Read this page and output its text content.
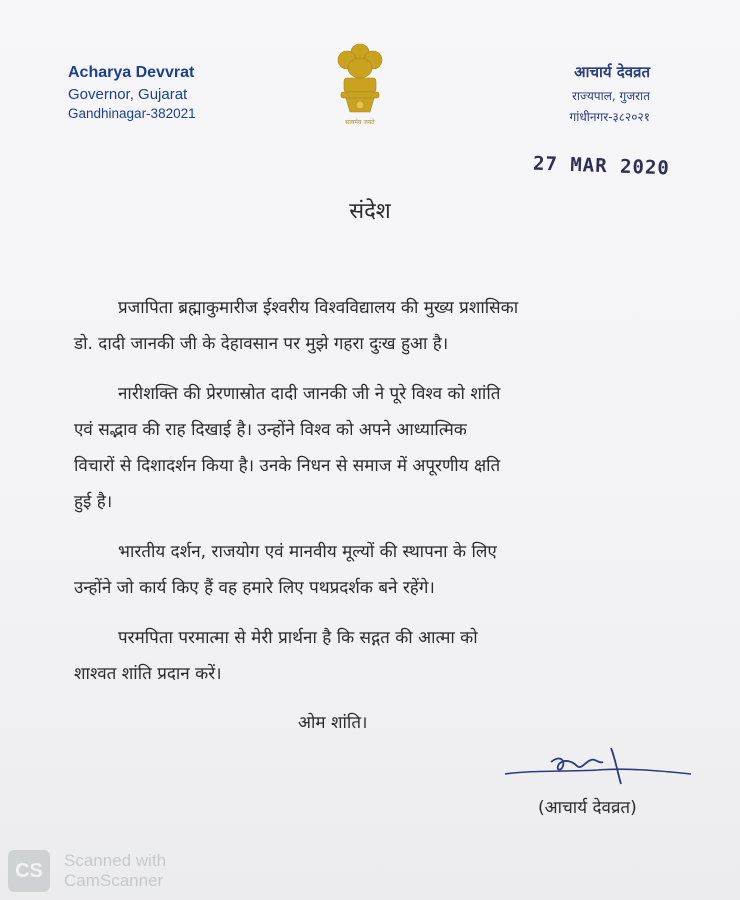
Acharya Devvrat
Governor, Gujarat
Gandhinagar-382021
सत्यमेव जयते
आचार्य देवव्रत
राज्यपाल, गुजरात
गांधीनगर-३८२०२१
27 MAR 2020
संदेश
प्रजापिता ब्रह्माकुमारीज ईश्वरीय विश्वविद्यालय की मुख्य प्रशासिका
डो. दादी जानकी जी के देहावसान पर मुझे गहरा दुःख हुआ है।
नारीशक्ति की प्रेरणास्रोत दादी जानकी जी ने पूरे विश्व को शांति
एवं सद्भाव की राह दिखाई है। उन्होंने विश्व को अपने आध्यात्मिक
विचारों से दिशादर्शन किया है। उनके निधन से समाज में अपूरणीय क्षति
हुई है।
भारतीय दर्शन, राजयोग एवं मानवीय मूल्यों की स्थापना के लिए
उन्होंने जो कार्य किए हैं वह हमारे लिए पथप्रदर्शक बने रहेंगे।
परमपिता परमात्मा से मेरी प्रार्थना है कि सद्गत की आत्मा को
शाश्वत शांति प्रदान करें।
ओम शांति।
(आचार्य देवव्रत)
CS	Scanned with
CamScanner
